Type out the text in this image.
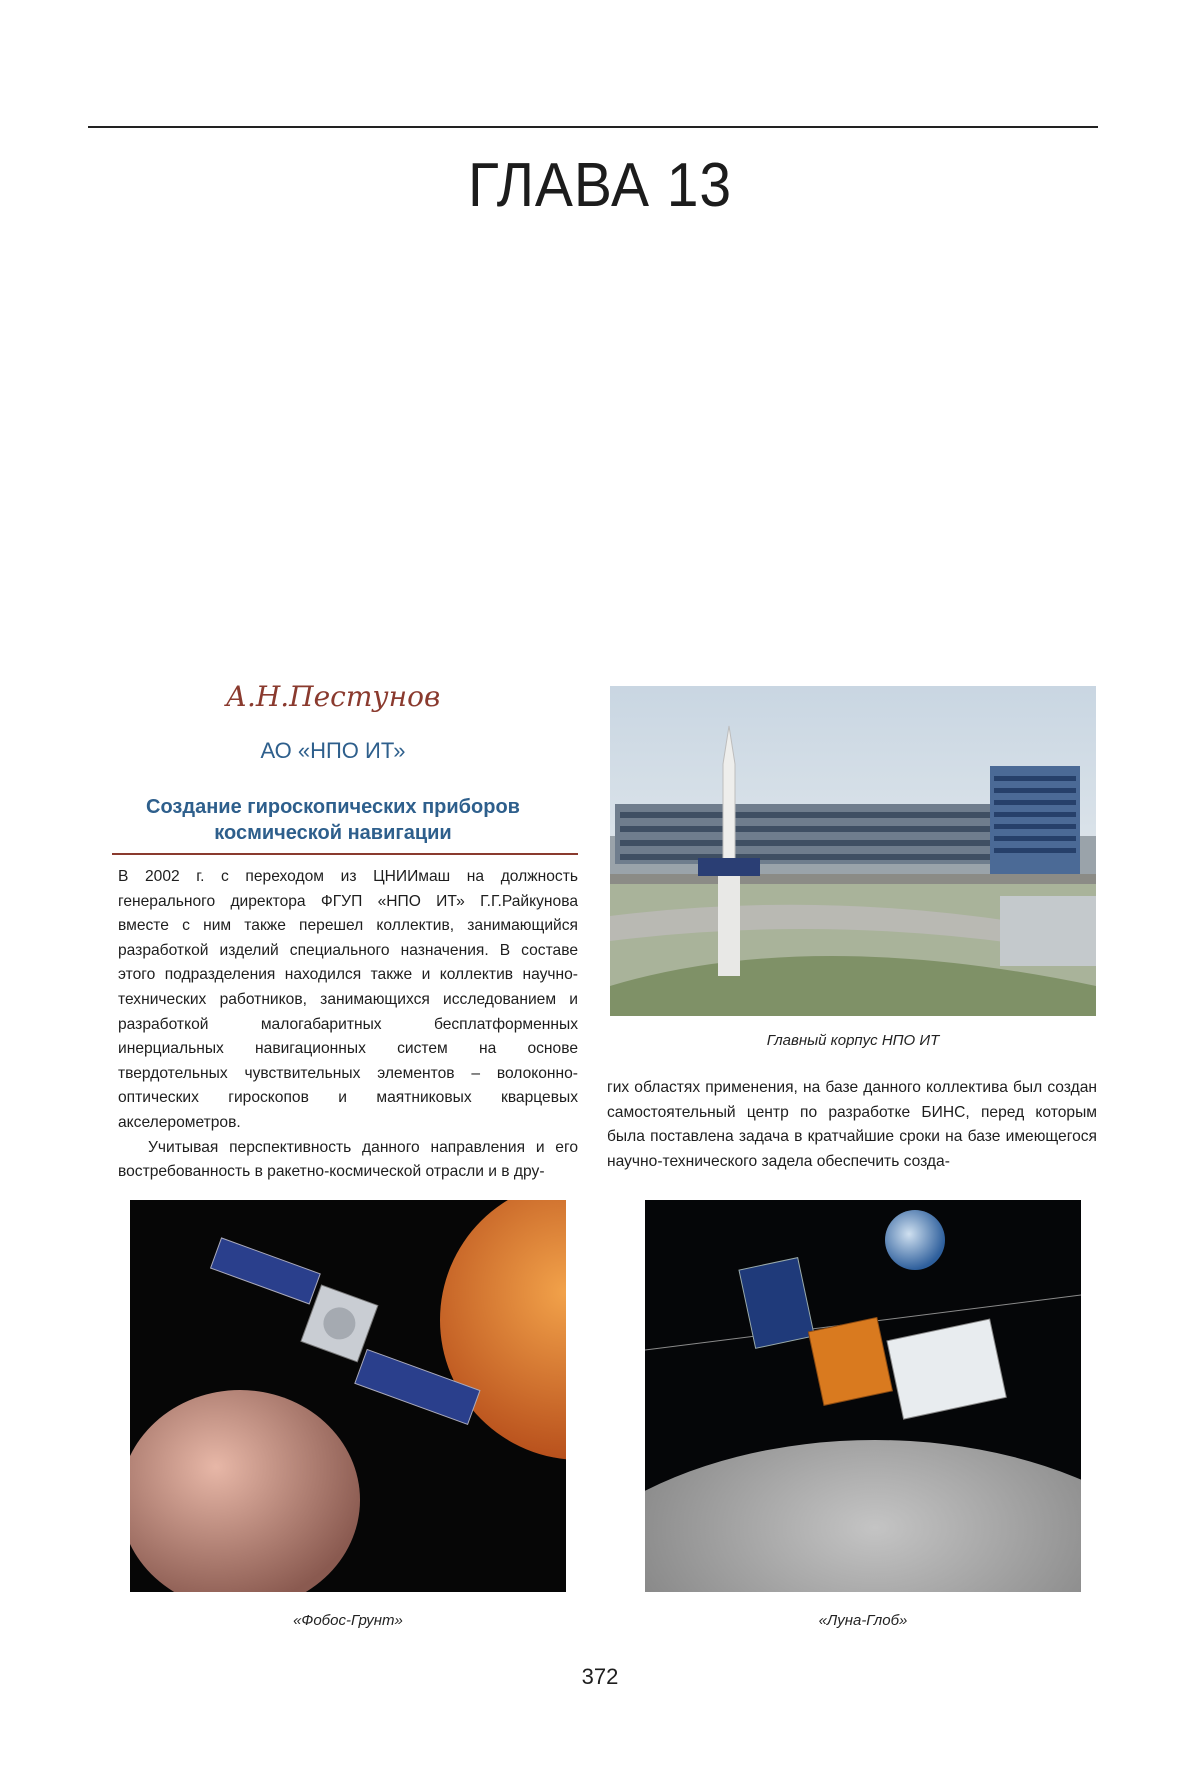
ГЛАВА 13
А.Н.Пестунов
АО «НПО ИТ»
Создание гироскопических приборов
космической навигации

В 2002 г. с переходом из ЦНИИмаш на должность генерального директора ФГУП «НПО ИТ» Г.Г.Райкунова вместе с ним также перешел коллектив, занимающийся разработкой изделий специального назначения. В составе этого подразделения находился также и коллектив научно-технических работников, занимающихся исследованием и разработкой малогабаритных бесплатформенных инерциальных навигационных систем на основе твердотельных чувствительных элементов – волоконно-оптических гироскопов и маятниковых кварцевых акселерометров.

Учитывая перспективность данного направления и его востребованность в ракетно-космической отрасли и в дру-

Главный корпус НПО ИТ

гих областях применения, на базе данного коллектива был создан самостоятельный центр по разработке БИНС, перед которым была поставлена задача в кратчайшие сроки на базе имеющегося научно-технического задела обеспечить созда-

«Фобос-Грунт»	«Луна-Глоб»
372
